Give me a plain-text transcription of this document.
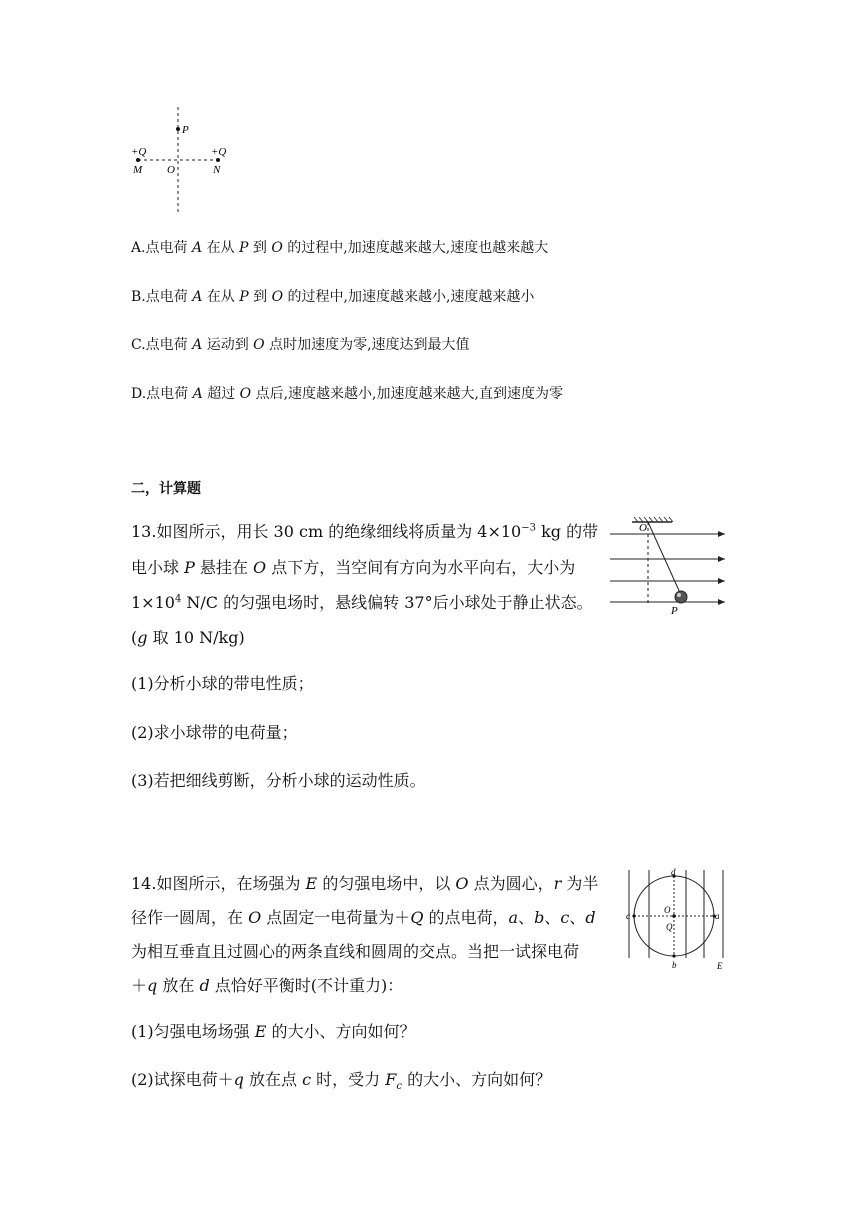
P
+Q	+Q
M O	N
A.点电荷 A 在从 P 到 O 的过程中,加速度越来越大,速度也越来越大
B.点电荷 A 在从 P 到 O 的过程中,加速度越来越小,速度越来越小
C.点电荷 A 运动到 O 点时加速度为零,速度达到最大值
D.点电荷 A 超过 O 点后,速度越来越小,加速度越来越大,直到速度为零
二，计算题
13.如图所示，用长 30 cm 的绝缘细线将质量为 $4\times 10^{-3}$ kg 的带
电小球 P 悬挂在 O 点下方，当空间有方向为水平向右，大小为
$1\times 10^4$ N/C 的匀强电场时，悬线偏转 37°后小球处于静止状态。
(g 取 10 N/kg)
(1)分析小球的带电性质；
(2)求小球带的电荷量；
(3)若把细线剪断，分析小球的运动性质。
O
P
14.如图所示，在场强为 E 的匀强电场中，以 O 点为圆心，r 为半
径作一圆周，在 O 点固定一电荷量为＋Q 的点电荷，a、b、c、d
为相互垂直且过圆心的两条直线和圆周的交点。当把一试探电荷
＋q 放在 d 点恰好平衡时(不计重力)：
(1)匀强电场场强 E 的大小、方向如何？
(2)试探电荷＋q 放在点 c 时，受力 $F_c$ 的大小、方向如何？
d
b
c	a
O
Q
E
